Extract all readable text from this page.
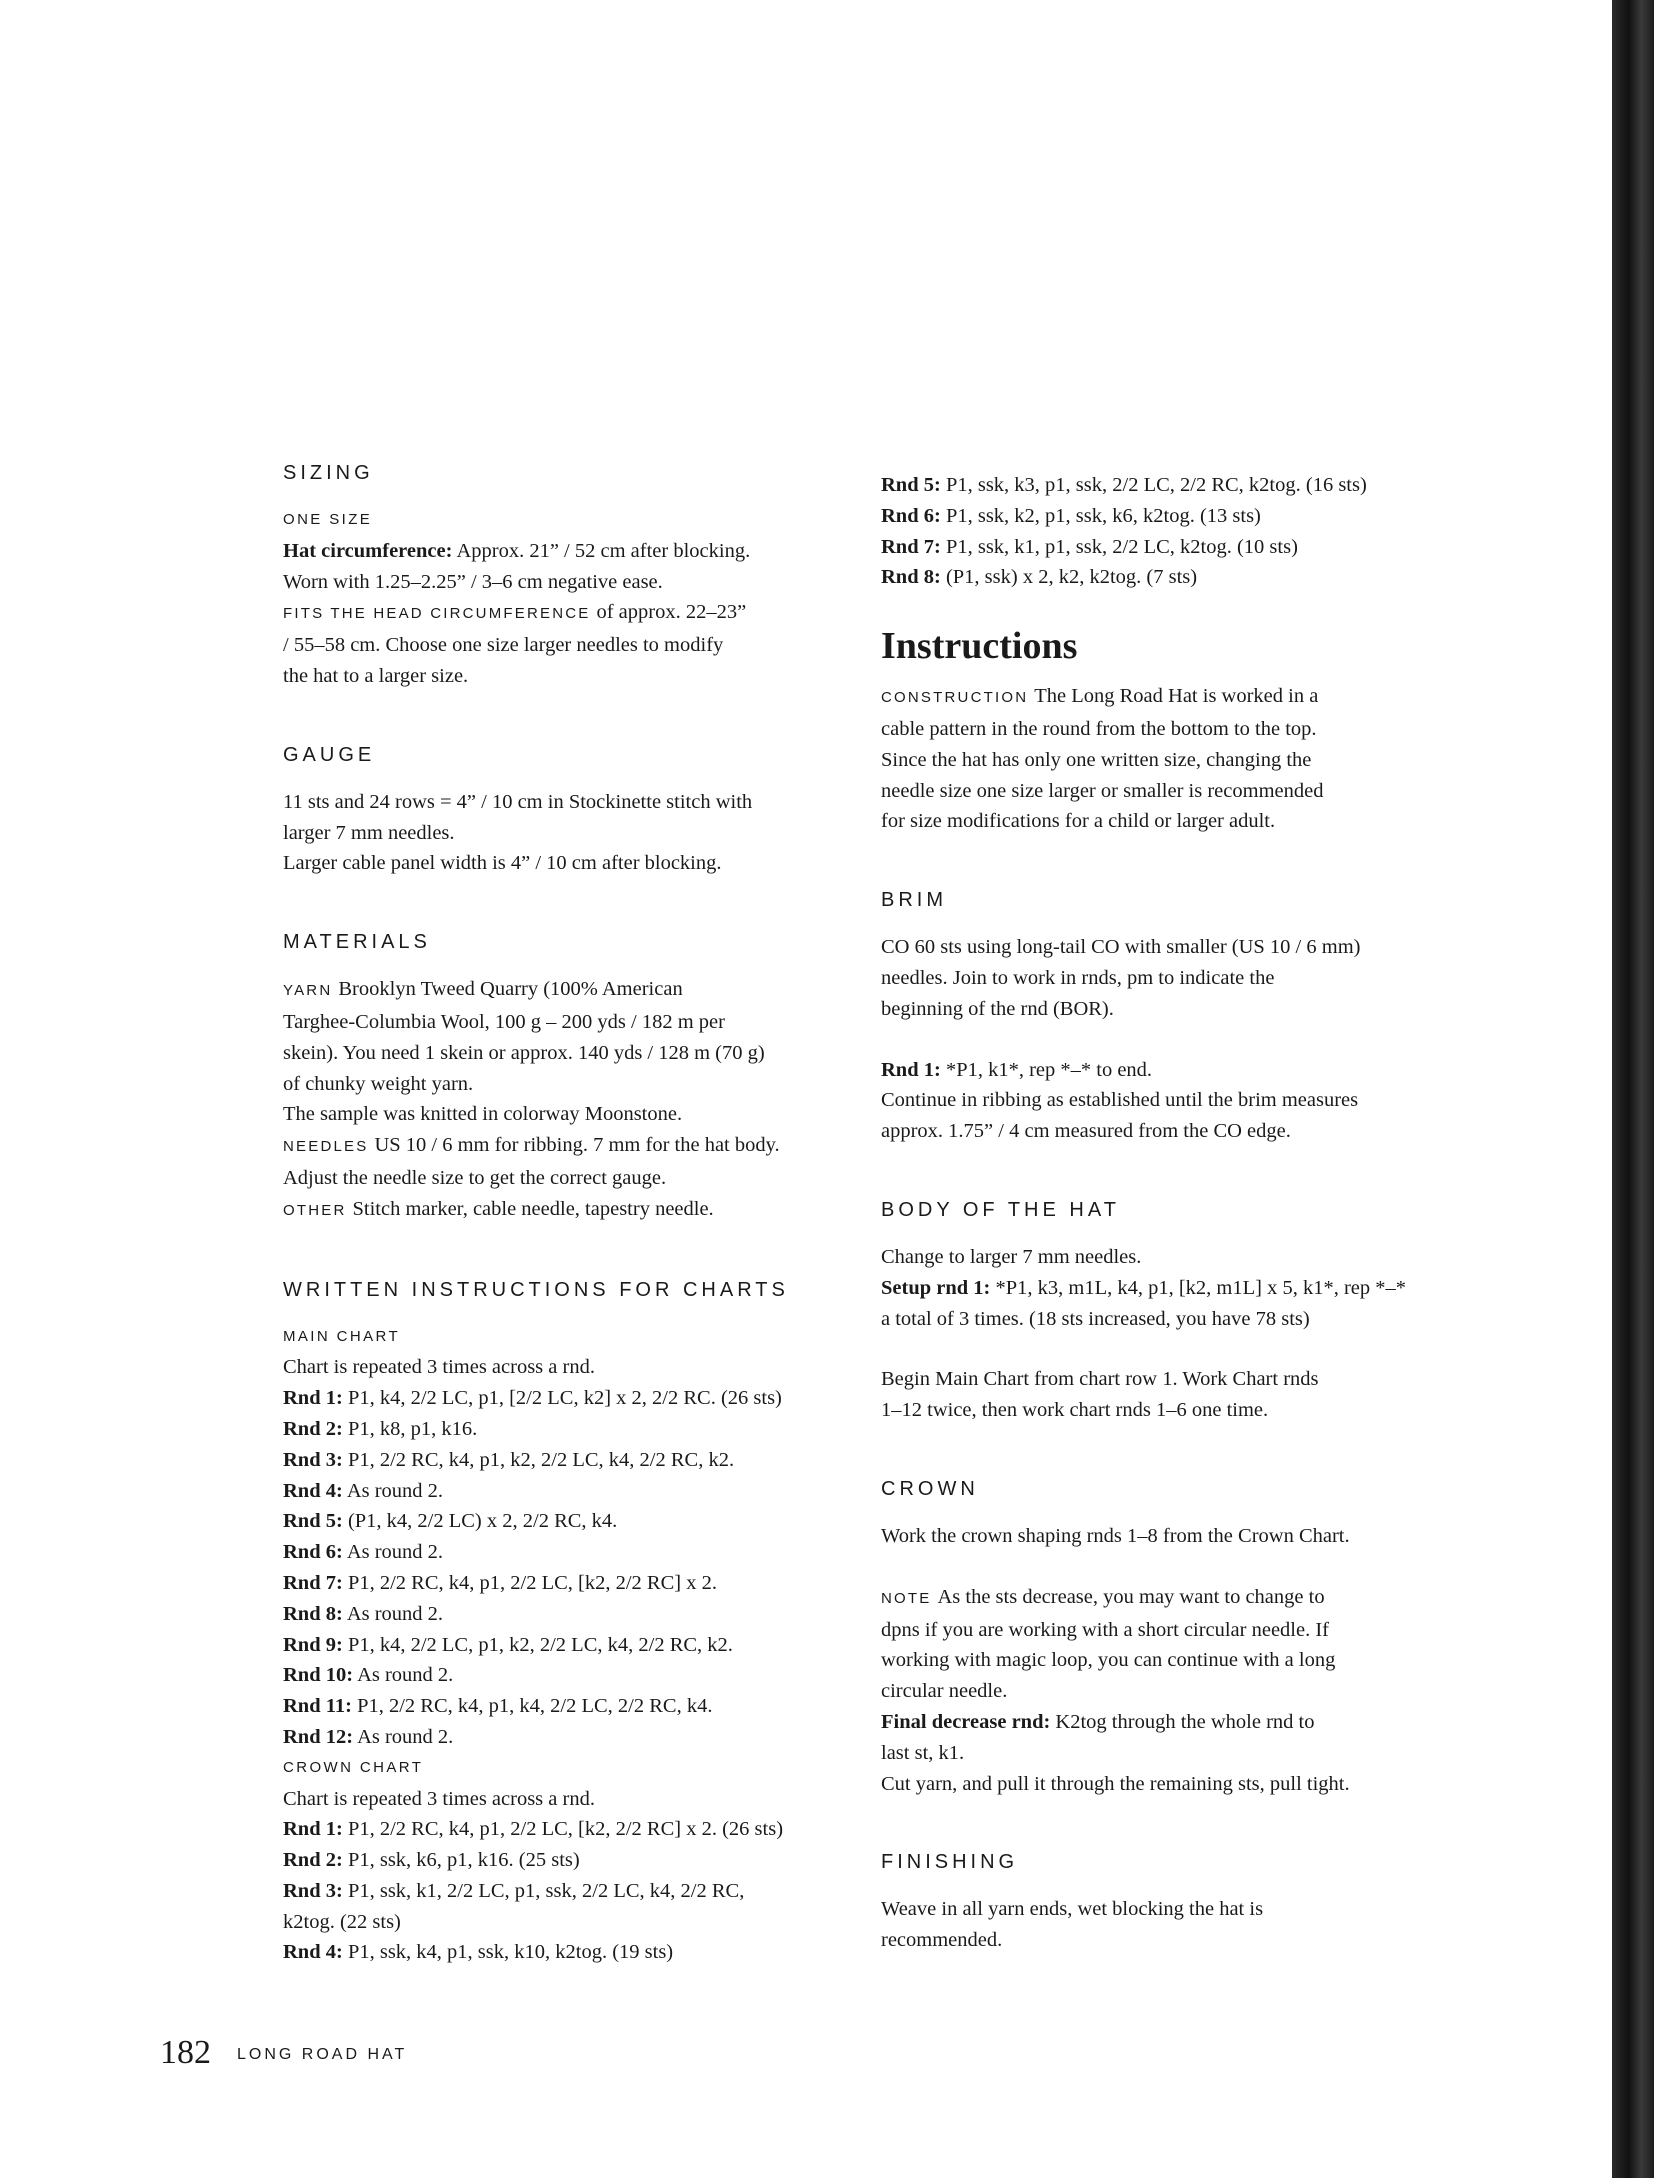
SIZING
ONE SIZE
Hat circumference: Approx. 21” / 52 cm after blocking.
Worn with 1.25–2.25” / 3–6 cm negative ease.
FITS THE HEAD CIRCUMFERENCE of approx. 22–23”
/ 55–58 cm. Choose one size larger needles to modify
the hat to a larger size.
GAUGE
11 sts and 24 rows = 4” / 10 cm in Stockinette stitch with
larger 7 mm needles.
Larger cable panel width is 4” / 10 cm after blocking.
MATERIALS
YARN Brooklyn Tweed Quarry (100% American
Targhee-Columbia Wool, 100 g – 200 yds / 182 m per
skein). You need 1 skein or approx. 140 yds / 128 m (70 g)
of chunky weight yarn.
The sample was knitted in colorway Moonstone.
NEEDLES US 10 / 6 mm for ribbing. 7 mm for the hat body.
Adjust the needle size to get the correct gauge.
OTHER Stitch marker, cable needle, tapestry needle.
WRITTEN INSTRUCTIONS FOR CHARTS
MAIN CHART
Chart is repeated 3 times across a rnd.
Rnd 1: P1, k4, 2/2 LC, p1, [2/2 LC, k2] x 2, 2/2 RC. (26 sts)
Rnd 2: P1, k8, p1, k16.
Rnd 3: P1, 2/2 RC, k4, p1, k2, 2/2 LC, k4, 2/2 RC, k2.
Rnd 4: As round 2.
Rnd 5: (P1, k4, 2/2 LC) x 2, 2/2 RC, k4.
Rnd 6: As round 2.
Rnd 7: P1, 2/2 RC, k4, p1, 2/2 LC, [k2, 2/2 RC] x 2.
Rnd 8: As round 2.
Rnd 9: P1, k4, 2/2 LC, p1, k2, 2/2 LC, k4, 2/2 RC, k2.
Rnd 10: As round 2.
Rnd 11: P1, 2/2 RC, k4, p1, k4, 2/2 LC, 2/2 RC, k4.
Rnd 12: As round 2.
CROWN CHART
Chart is repeated 3 times across a rnd.
Rnd 1: P1, 2/2 RC, k4, p1, 2/2 LC, [k2, 2/2 RC] x 2. (26 sts)
Rnd 2: P1, ssk, k6, p1, k16. (25 sts)
Rnd 3: P1, ssk, k1, 2/2 LC, p1, ssk, 2/2 LC, k4, 2/2 RC,
k2tog. (22 sts)
Rnd 4: P1, ssk, k4, p1, ssk, k10, k2tog. (19 sts)
Rnd 5: P1, ssk, k3, p1, ssk, 2/2 LC, 2/2 RC, k2tog. (16 sts)
Rnd 6: P1, ssk, k2, p1, ssk, k6, k2tog. (13 sts)
Rnd 7: P1, ssk, k1, p1, ssk, 2/2 LC, k2tog. (10 sts)
Rnd 8: (P1, ssk) x 2, k2, k2tog. (7 sts)
Instructions
CONSTRUCTION The Long Road Hat is worked in a
cable pattern in the round from the bottom to the top.
Since the hat has only one written size, changing the
needle size one size larger or smaller is recommended
for size modifications for a child or larger adult.
BRIM
CO 60 sts using long-tail CO with smaller (US 10 / 6 mm)
needles. Join to work in rnds, pm to indicate the
beginning of the rnd (BOR).
Rnd 1: *P1, k1*, rep *–* to end.
Continue in ribbing as established until the brim measures
approx. 1.75” / 4 cm measured from the CO edge.
BODY OF THE HAT
Change to larger 7 mm needles.
Setup rnd 1: *P1, k3, m1L, k4, p1, [k2, m1L] x 5, k1*, rep *–*
a total of 3 times. (18 sts increased, you have 78 sts)
Begin Main Chart from chart row 1. Work Chart rnds
1–12 twice, then work chart rnds 1–6 one time.
CROWN
Work the crown shaping rnds 1–8 from the Crown Chart.
NOTE As the sts decrease, you may want to change to
dpns if you are working with a short circular needle. If
working with magic loop, you can continue with a long
circular needle.
Final decrease rnd: K2tog through the whole rnd to
last st, k1.
Cut yarn, and pull it through the remaining sts, pull tight.
FINISHING
Weave in all yarn ends, wet blocking the hat is
recommended.
182 LONG ROAD HAT
